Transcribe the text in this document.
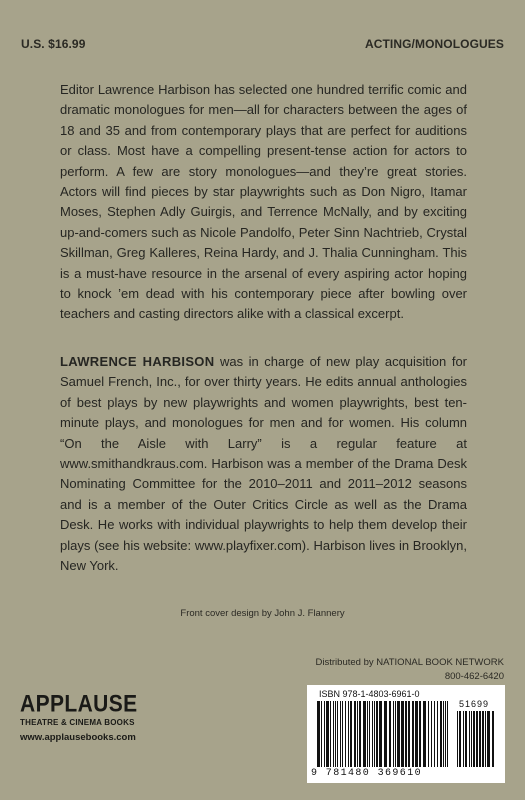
U.S. $16.99	ACTING/MONOLOGUES

Editor Lawrence Harbison has selected one hundred terrific comic and dramatic monologues for men—all for characters between the ages of 18 and 35 and from contemporary plays that are perfect for auditions or class. Most have a compelling present-tense action for actors to perform. A few are story monologues—and they’re great stories. Actors will find pieces by star playwrights such as Don Nigro, Itamar Moses, Stephen Adly Guirgis, and Terrence McNally, and by exciting up-and-comers such as Nicole Pandolfo, Peter Sinn Nachtrieb, Crystal Skillman, Greg Kalleres, Reina Hardy, and J. Thalia Cunningham. This is a must-have resource in the arsenal of every aspiring actor hoping to knock ’em dead with his contemporary piece after bowling over teachers and casting directors alike with a classical excerpt.

LAWRENCE HARBISON was in charge of new play acquisition for Samuel French, Inc., for over thirty years. He edits annual anthologies of best plays by new playwrights and women playwrights, best ten-minute plays, and monologues for men and for women. His column “On the Aisle with Larry” is a regular feature at www.smithandkraus.com. Harbison was a member of the Drama Desk Nominating Committee for the 2010–2011 and 2011–2012 seasons and is a member of the Outer Critics Circle as well as the Drama Desk. He works with individual playwrights to help them develop their plays (see his website: www.playfixer.com). Harbison lives in Brooklyn, New York.

Front cover design by John J. Flannery
Distributed by NATIONAL BOOK NETWORK
800-462-6420
APPLAUSE
THEATRE & CINEMA BOOKS
www.applausebooks.com
ISBN 978-1-4803-6961-0
51699
9 781480 369610
